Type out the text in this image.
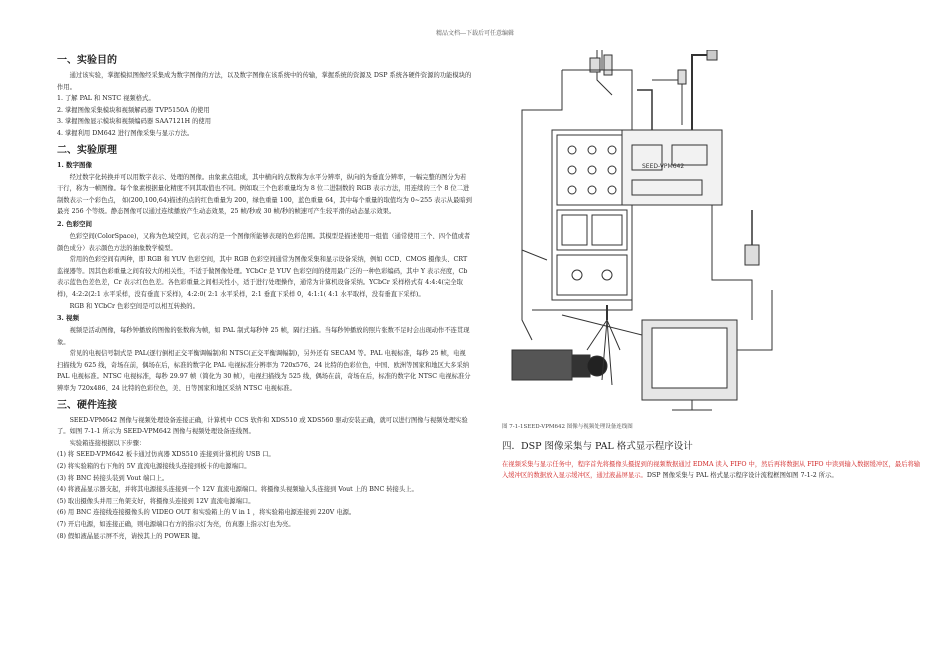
精品文档---下载后可任意编辑
一、实验目的

通过该实验，掌握模拟图像经采集成为数字图像的方法，以及数字图像在该系统中的传输，掌握系统的资源及 DSP 系统各硬件资源的功能模块的作用。

1. 了解 PAL 和 NSTC 视频格式。

2. 掌握图像采集模块和视频解码器 TVP5150A 的使用

3. 掌握图像显示模块和视频编码器 SAA7121H 的使用

4. 掌握利用 DM642 进行图像采集与显示方法。

二、实验原理
1. 数字图像

经过数字化转换并可以用数字表示、处理的图像。由象素点组成，其中横向的点数称为水平分辨率，纵向的为垂直分辨率，一幅完整的图分为若干行，称为一帧图像。每个象素根据量化精度不同其取值也不同。例如取三个色彩重量均为 8 位二进制数的 RGB 表示方法，用连续的三个 8 位二进制数表示一个彩色点， 如(200,100,64)描述的点的红色重量为 200，绿色重量 100，蓝色重量 64，其中每个重量的取值均为 0~255 表示从最暗到最亮 256 个等级。静态图像可以通过连续播放产生动态效果，25 帧/秒或 30 帧/秒的帧速可产生较平滑的动态显示效果。

2. 色彩空间

色彩空间(ColorSpace)，又称为色域空间，它表示的是一个图像所能够表现的色彩范围。其模型是描述使用一组值（通常使用三个、四个值或者颜色成分）表示颜色方法的抽象数学模型。

常用的色彩空间有两种，即 RGB 和 YUV 色彩空间，其中 RGB 色彩空间通常为图像采集和显示设备采纳，例如 CCD、CMOS 摄像头、CRT 监视器等。因其色彩重量之间有较大的相关性，不适于做图像处理。YCbCr 是 YUV 色彩空间的使用最广泛的一种色彩编码，其中 Y 表示亮度，Cb 表示蓝色色差色差，Cr 表示红色色差。各色彩重量之间相关性小，适于进行处理操作，通常为计算机设备采纳。YCbCr 采样格式有 4:4:4(完全取样)，4:2:2(2:1 水平采样，没有垂直下采样)，4:2:0( 2:1 水平采样，2:1 垂直下采样 0，4:1:1( 4:1 水平取样，没有垂直下采样)。

RGB 和 YCbCr 色彩空间是可以相互转换的。

3. 视频

视频是活动图像，每秒钟播放的图像的张数称为帧，如 PAL 制式每秒钟 25 帧，隔行扫描。当每秒钟播放的照片张数不足时会出现动作不连贯现象。

常见的电视信号制式是 PAL(逐行倒相正交平衡调幅制)和 NTSC(正交平衡调幅制)，另外还有 SECAM 等。PAL 电视标准，每秒 25 帧，电视扫描线为 625 线，奇场在前，偶场在后，标准的数字化 PAL 电视标准分辨率为 720x576、24 比特的色彩位色，中国、欧洲等国家和地区大多采纳 PAL 电视标准。NTSC 电视标准，每秒 29.97 帧（简化为 30 帧），电视扫描线为 525 线，偶场在前，奇场在后，标准的数字化 NTSC 电视标准分辨率为 720x486、24 比特的色彩位色，美、日等国家和地区采纳 NTSC 电视标准。

三、硬件连接

SEED-VPM642 图像与视频处理设备连接正确，计算机中 CCS 软件和 XDS510 或 XDS560 驱动安装正确，就可以进行图像与视频处理实验了。如图 7-1-1 所示为 SEED-VPM642 图像与视频处理设备连线图。

实验箱连接根据以下步骤：

(1) 将 SEED-VPM642 板卡通过仿真器 XDS510 连接到计算机的 USB 口。

(2) 将实验箱的右下角的 5V 直流电源接线头连接到板卡的电源端口。

(3) 将 BNC 转接头装到 Vout 端口上。

(4) 将液晶显示器支起，并将其电源接头连接到一个 12V 直流电源端口。将摄像头视频输入头连接到 Vout 上的 BNC 转接头上。

(5) 取出摄像头并用三角架支好，将摄像头连接到 12V 直流电源端口。

(6) 用 BNC 连接线连接摄像头的 VIDEO OUT 和实验箱上的 V in 1 ，将实验箱电源连接到 220V 电源。

(7) 开启电源，如连接正确，则电源端口右方的指示灯为亮，仿真器上指示灯也为亮。

(8) 假如液晶显示屏不亮，请按其上的 POWER 键。

SEED-VPM642
图 7-1-1SEED-VPM642 图像与视频处理设备连线图
四．DSP 图像采集与 PAL 格式显示程序设计

在视频采集与显示任务中，程序首先将摄像头摄捉到的视频数据通过 EDMA 读入 FIFO 中，然后再将数据从 FIFO 中读到输入数据缓冲区，最后将输入缓冲区的数据放入显示缓冲区，通过液晶屏显示。DSP 图像采集与 PAL 格式显示程序设计流程框图如图 7-1-2 所示。
